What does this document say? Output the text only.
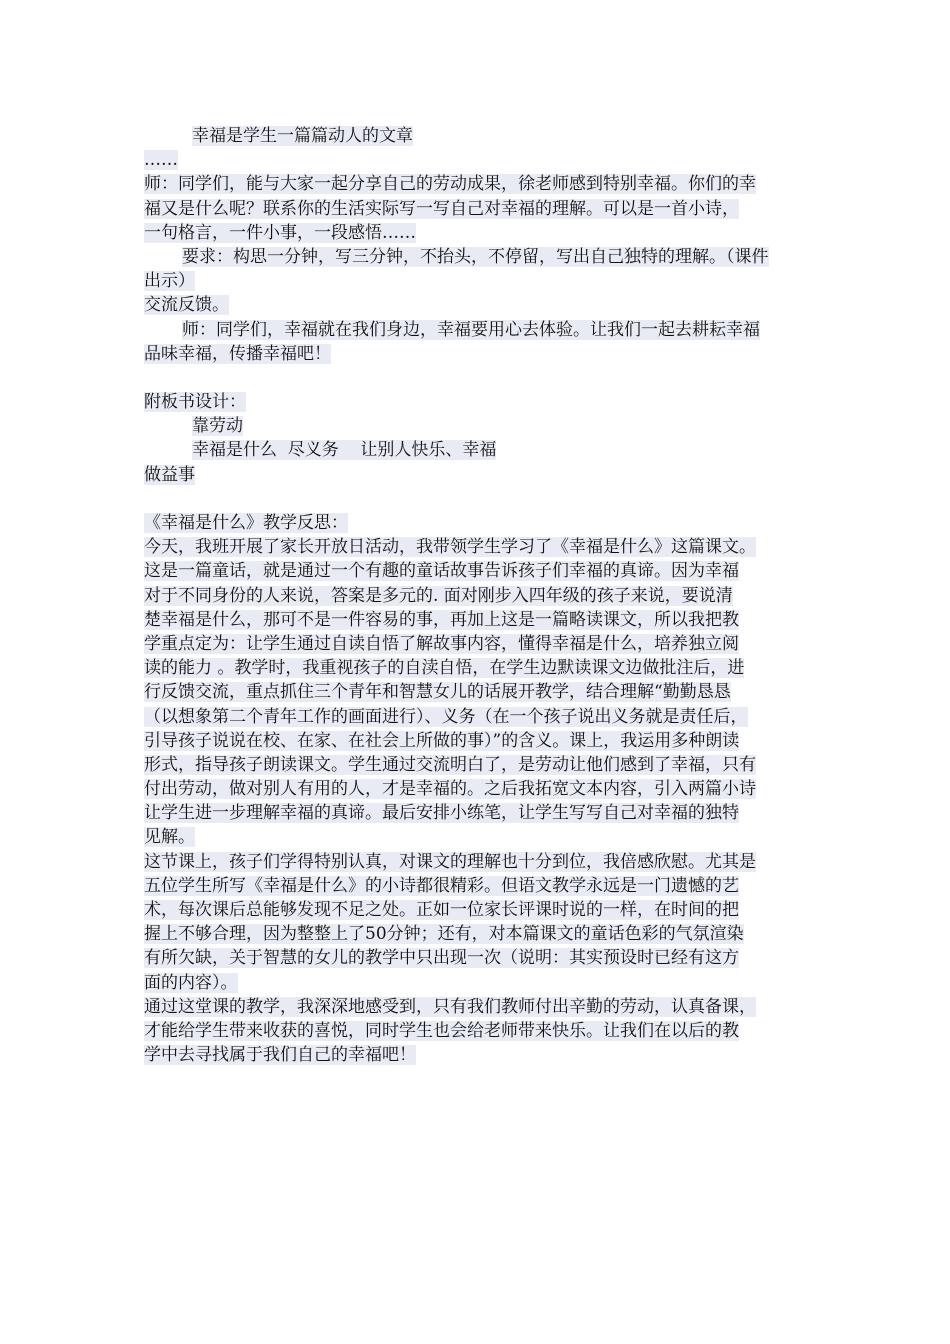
幸福是学生一篇篇动人的文章
……
师：同学们，能与大家一起分享自己的劳动成果，徐老师感到特别幸福。你们的幸
福又是什么呢？联系你的生活实际写一写自己对幸福的理解。可以是一首小诗，
一句格言，一件小事，一段感悟……
要求：构思一分钟，写三分钟，不抬头，不停留，写出自己独特的理解。（课件
出示）
交流反馈。
师：同学们，幸福就在我们身边，幸福要用心去体验。让我们一起去耕耘幸福
品味幸福，传播幸福吧！
附板书设计：
靠劳动
幸福是什么  尽义务    让别人快乐、幸福
做益事
《幸福是什么》教学反思：
今天，我班开展了家长开放日活动，我带领学生学习了《幸福是什么》这篇课文。
这是一篇童话，就是通过一个有趣的童话故事告诉孩子们幸福的真谛。因为幸福
对于不同身份的人来说，答案是多元的. 面对刚步入四年级的孩子来说，要说清
楚幸福是什么，那可不是一件容易的事，再加上这是一篇略读课文，所以我把教
学重点定为：让学生通过自读自悟了解故事内容，懂得幸福是什么，培养独立阅
读的能力 。教学时，我重视孩子的自渎自悟，在学生边默读课文边做批注后，进
行反馈交流，重点抓住三个青年和智慧女儿的话展开教学，结合理解“勤勤恳恳
（以想象第二个青年工作的画面进行）、义务（在一个孩子说出义务就是责任后，
引导孩子说说在校、在家、在社会上所做的事）”的含义。课上，我运用多种朗读
形式，指导孩子朗读课文。学生通过交流明白了，是劳动让他们感到了幸福，只有
付出劳动，做对别人有用的人，才是幸福的。之后我拓宽文本内容，引入两篇小诗
让学生进一步理解幸福的真谛。最后安排小练笔，让学生写写自己对幸福的独特
见解。
这节课上，孩子们学得特别认真，对课文的理解也十分到位，我倍感欣慰。尤其是
五位学生所写《幸福是什么》的小诗都很精彩。但语文教学永远是一门遗憾的艺
术，每次课后总能够发现不足之处。正如一位家长评课时说的一样，在时间的把
握上不够合理，因为整整上了50分钟；还有，对本篇课文的童话色彩的气氛渲染
有所欠缺，关于智慧的女儿的教学中只出现一次（说明：其实预设时已经有这方
面的内容）。
通过这堂课的教学，我深深地感受到，只有我们教师付出辛勤的劳动，认真备课，
才能给学生带来收获的喜悦，同时学生也会给老师带来快乐。让我们在以后的教
学中去寻找属于我们自己的幸福吧！
